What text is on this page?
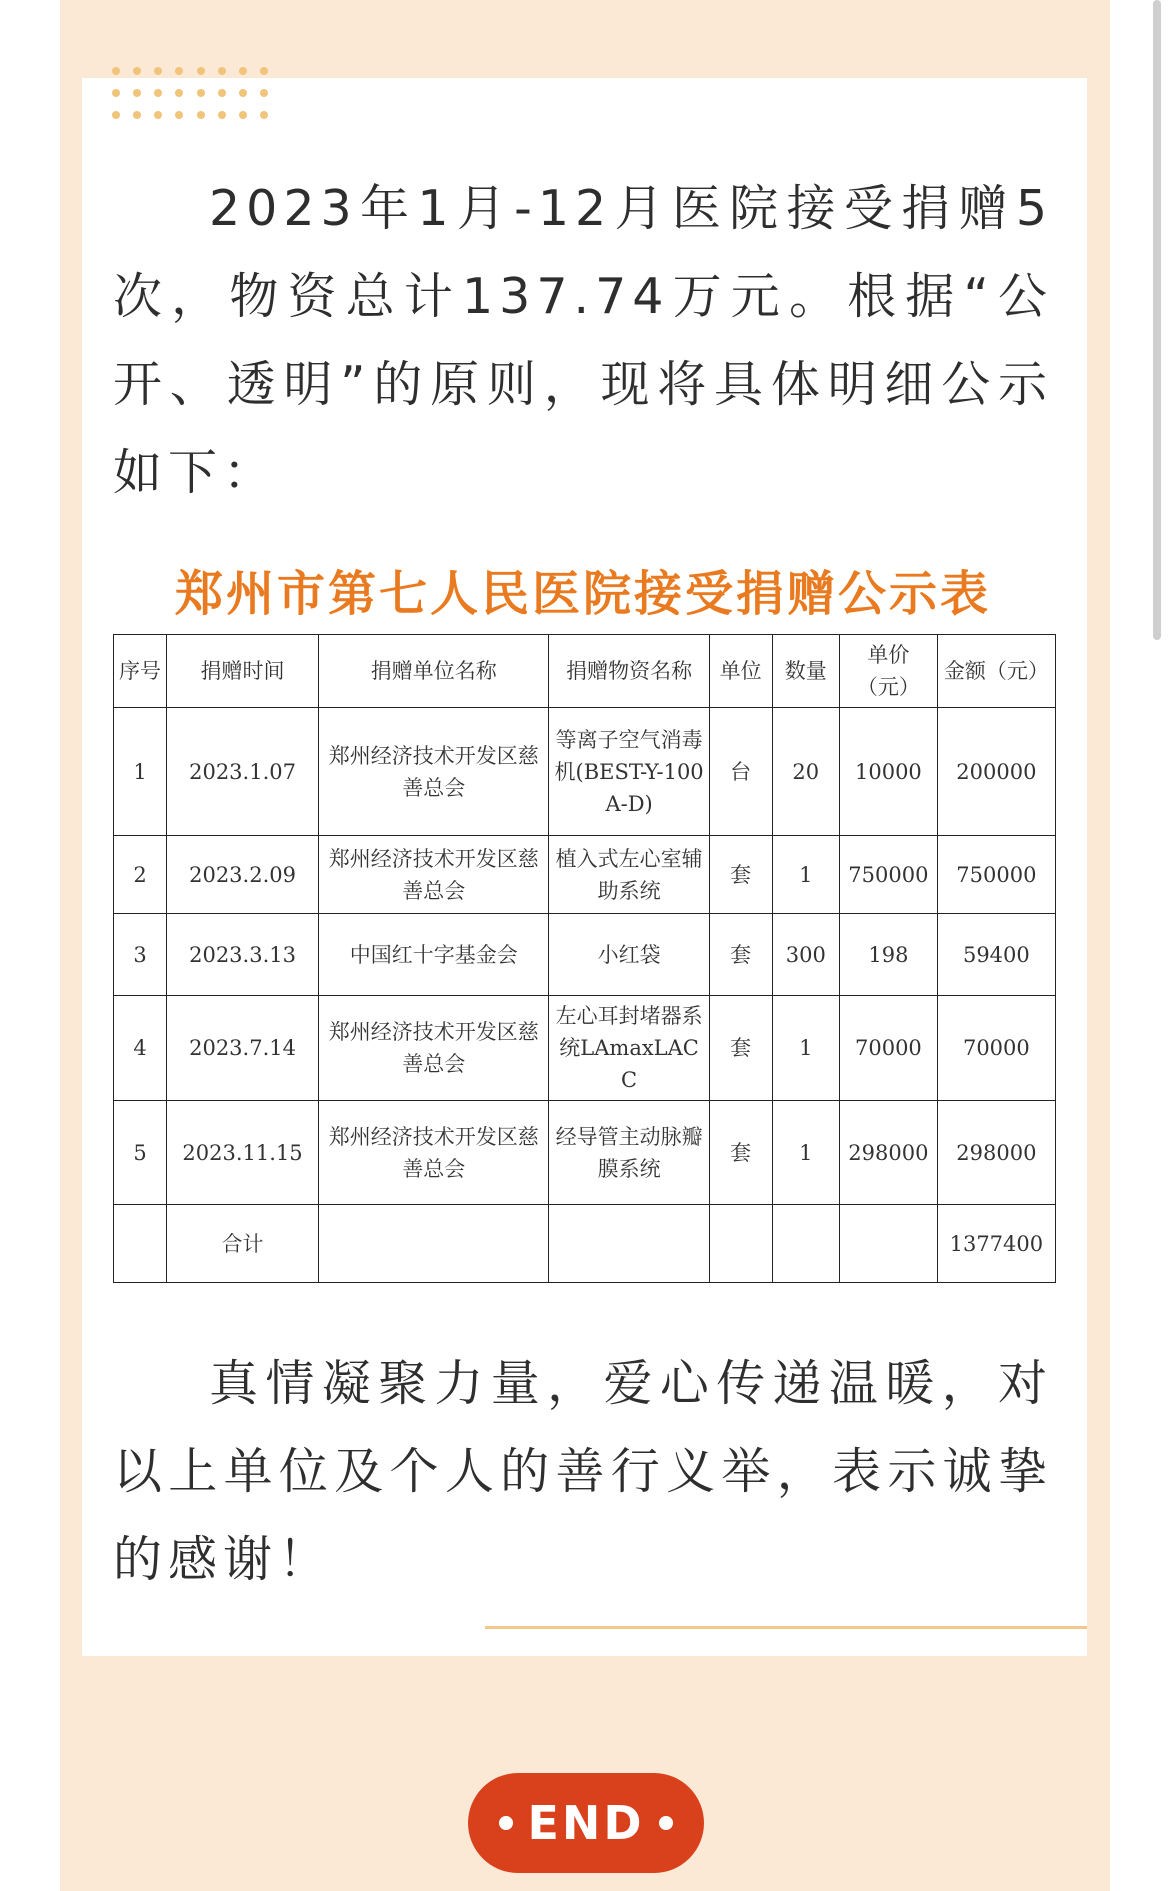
2023年1月-12月医院接受捐赠5次，物资总计137.74万元。根据“公开、透明”的原则，现将具体明细公示如下：

郑州市第七人民医院接受捐赠公示表
序号	捐赠时间	捐赠单位名称	捐赠物资名称	单位	数量	单价（元）	金额（元）
1	2023.1.07	郑州经济技术开发区慈善总会	等离子空气消毒机(BEST-Y-100A-D)	台	20	10000	200000
2	2023.2.09	郑州经济技术开发区慈善总会	植入式左心室辅助系统	套	1	750000	750000
3	2023.3.13	中国红十字基金会	小红袋	套	300	198	59400
4	2023.7.14	郑州经济技术开发区慈善总会	左心耳封堵器系统LAmaxLACC	套	1	70000	70000
5	2023.11.15	郑州经济技术开发区慈善总会	经导管主动脉瓣膜系统	套	1	298000	298000
	合计						1377400

真情凝聚力量，爱心传递温暖，对以上单位及个人的善行义举，表示诚挚的感谢！

END
